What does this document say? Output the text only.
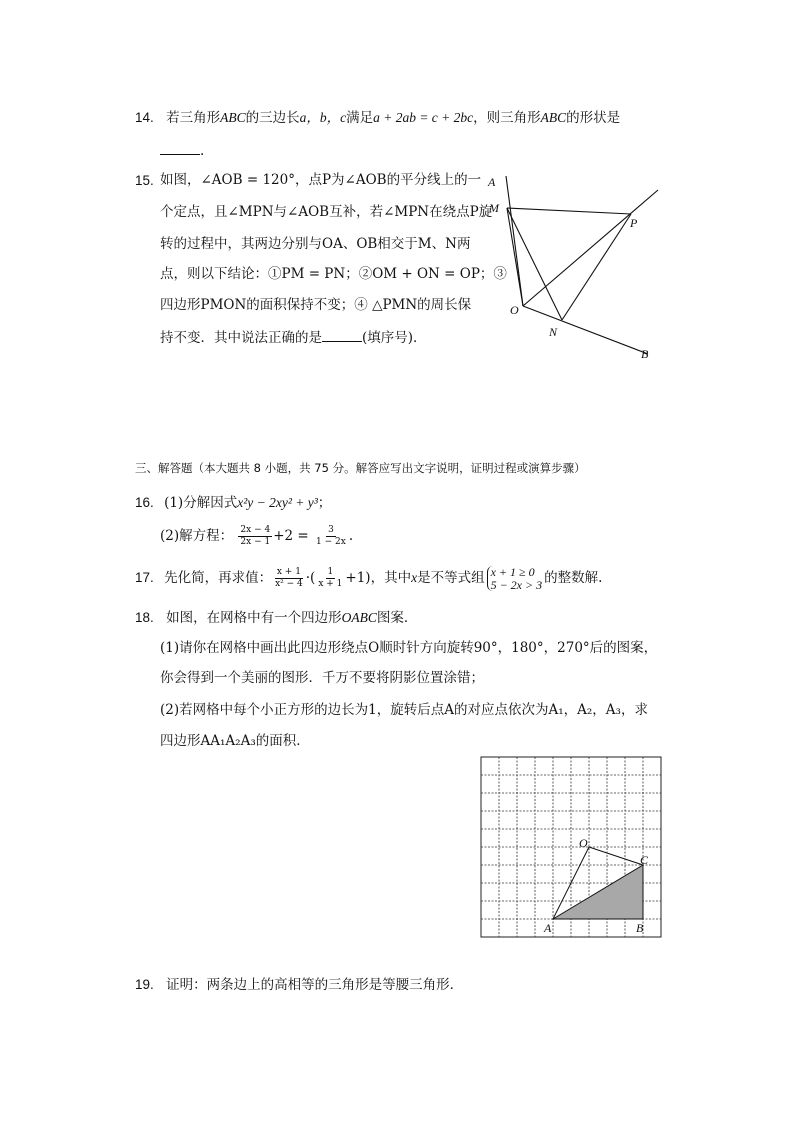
14. 若三角形ABC的三边长a，b，c满足a + 2ab = c + 2bc，则三角形ABC的形状是
.
15. 如图，∠AOB = 120°，点P为∠AOB的平分线上的一
个定点，且∠MPN与∠AOB互补，若∠MPN在绕点P旋
转的过程中，其两边分别与OA、OB相交于M、N两
点，则以下结论：①PM = PN；②OM + ON = OP；③
四边形PMON的面积保持不变；④ △PMN的周长保
持不变．其中说法正确的是	(填序号)．
A
M
P
O
N
B
三、解答题（本大题共 8 小题，共 75 分。解答应写出文字说明，证明过程或演算步骤）
16. (1)分解因式x²y − 2xy² + y³；
(2)解方程： $\frac{2x - 4}{2x - 1} +2 = \frac{3}{1 - 2x}$ .
17. 先化简，再求值： $\frac{x + 1}{\text{x² − 4}}$ ·( $\frac{1}{x + 1} +1$)，其中x是不等式组 x + 1 ≥ 0
5 − 2x > 3 的整数解.
18. 如图，在网格中有一个四边形OABC图案．
(1)请你在网格中画出此四边形绕点O顺时针方向旋转90°，180°，270°后的图案，
你会得到一个美丽的图形．千万不要将阴影位置涂错；
(2)若网格中每个小正方形的边长为1，旋转后点A的对应点依次为A₁，A₂，A₃，求
四边形AA₁A₂A₃的面积．
O
C
A	B
19. 证明：两条边上的高相等的三角形是等腰三角形．
